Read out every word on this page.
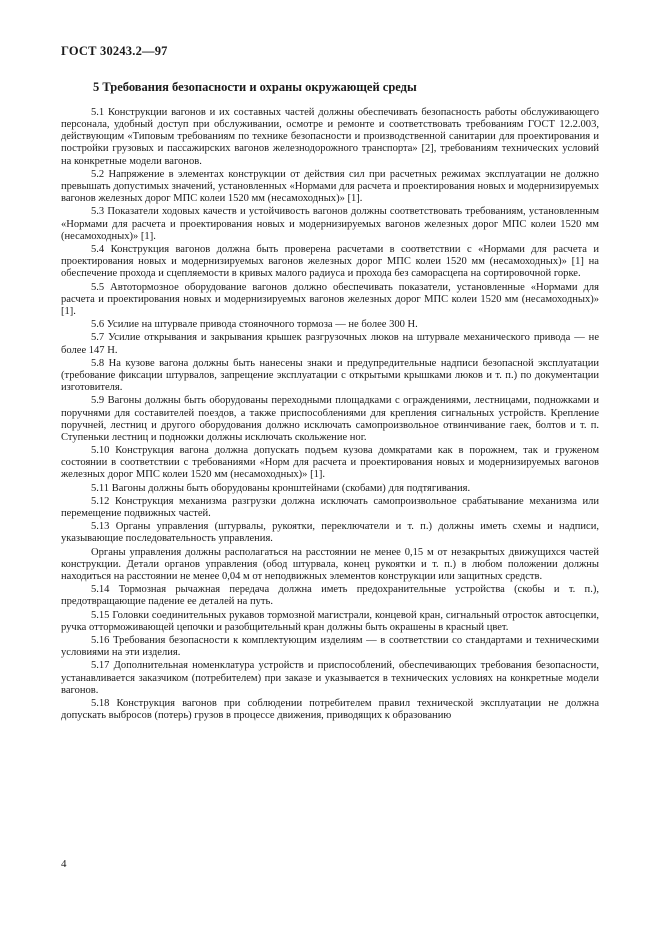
ГОСТ 30243.2—97
5 Требования безопасности и охраны окружающей среды

5.1 Конструкции вагонов и их составных частей должны обеспечивать безопасность работы обслуживающего персонала, удобный доступ при обслуживании, осмотре и ремонте и соответствовать требованиям ГОСТ 12.2.003, действующим «Типовым требованиям по технике безопасности и производственной санитарии для проектирования и постройки грузовых и пассажирских вагонов железнодорожного транспорта» [2], требованиям технических условий на конкретные модели вагонов.

5.2 Напряжение в элементах конструкции от действия сил при расчетных режимах эксплуатации не должно превышать допустимых значений, установленных «Нормами для расчета и проектирования новых и модернизируемых вагонов железных дорог МПС колеи 1520 мм (несамоходных)» [1].

5.3 Показатели ходовых качеств и устойчивость вагонов должны соответствовать требованиям, установленным «Нормами для расчета и проектирования новых и модернизируемых вагонов железных дорог МПС колеи 1520 мм (несамоходных)» [1].

5.4 Конструкция вагонов должна быть проверена расчетами в соответствии с «Нормами для расчета и проектирования новых и модернизируемых вагонов железных дорог МПС колеи 1520 мм (несамоходных)» [1] на обеспечение прохода и сцепляемости в кривых малого радиуса и прохода без саморасцепа на сортировочной горке.

5.5 Автотормозное оборудование вагонов должно обеспечивать показатели, установленные «Нормами для расчета и проектирования новых и модернизируемых вагонов железных дорог МПС колеи 1520 мм (несамоходных)» [1].

5.6 Усилие на штурвале привода стояночного тормоза — не более 300 Н.

5.7 Усилие открывания и закрывания крышек разгрузочных люков на штурвале механического привода — не более 147 Н.

5.8 На кузове вагона должны быть нанесены знаки и предупредительные надписи безопасной эксплуатации (требование фиксации штурвалов, запрещение эксплуатации с открытыми крышками люков и т. п.) по документации изготовителя.

5.9 Вагоны должны быть оборудованы переходными площадками с ограждениями, лестницами, подножками и поручнями для составителей поездов, а также приспособлениями для крепления сигнальных устройств. Крепление поручней, лестниц и другого оборудования должно исключать самопроизвольное отвинчивание гаек, болтов и т. п. Ступеньки лестниц и подножки должны исключать скольжение ног.

5.10 Конструкция вагона должна допускать подъем кузова домкратами как в порожнем, так и груженом состоянии в соответствии с требованиями «Норм для расчета и проектирования новых и модернизируемых вагонов железных дорог МПС колеи 1520 мм (несамоходных)» [1].

5.11 Вагоны должны быть оборудованы кронштейнами (скобами) для подтягивания.

5.12 Конструкция механизма разгрузки должна исключать самопроизвольное срабатывание механизма или перемещение подвижных частей.

5.13 Органы управления (штурвалы, рукоятки, переключатели и т. п.) должны иметь схемы и надписи, указывающие последовательность управления.

Органы управления должны располагаться на расстоянии не менее 0,15 м от незакрытых движущихся частей конструкции. Детали органов управления (обод штурвала, конец рукоятки и т. п.) в любом положении должны находиться на расстоянии не менее 0,04 м от неподвижных элементов конструкции или защитных средств.

5.14 Тормозная рычажная передача должна иметь предохранительные устройства (скобы и т. п.), предотвращающие падение ее деталей на путь.

5.15 Головки соединительных рукавов тормозной магистрали, концевой кран, сигнальный отросток автосцепки, ручка отторможивающей цепочки и разобщительный кран должны быть окрашены в красный цвет.

5.16 Требования безопасности к комплектующим изделиям — в соответствии со стандартами и техническими условиями на эти изделия.

5.17 Дополнительная номенклатура устройств и приспособлений, обеспечивающих требования безопасности, устанавливается заказчиком (потребителем) при заказе и указывается в технических условиях на конкретные модели вагонов.

5.18 Конструкция вагонов при соблюдении потребителем правил технической эксплуатации не должна допускать выбросов (потерь) грузов в процессе движения, приводящих к образованию

4
